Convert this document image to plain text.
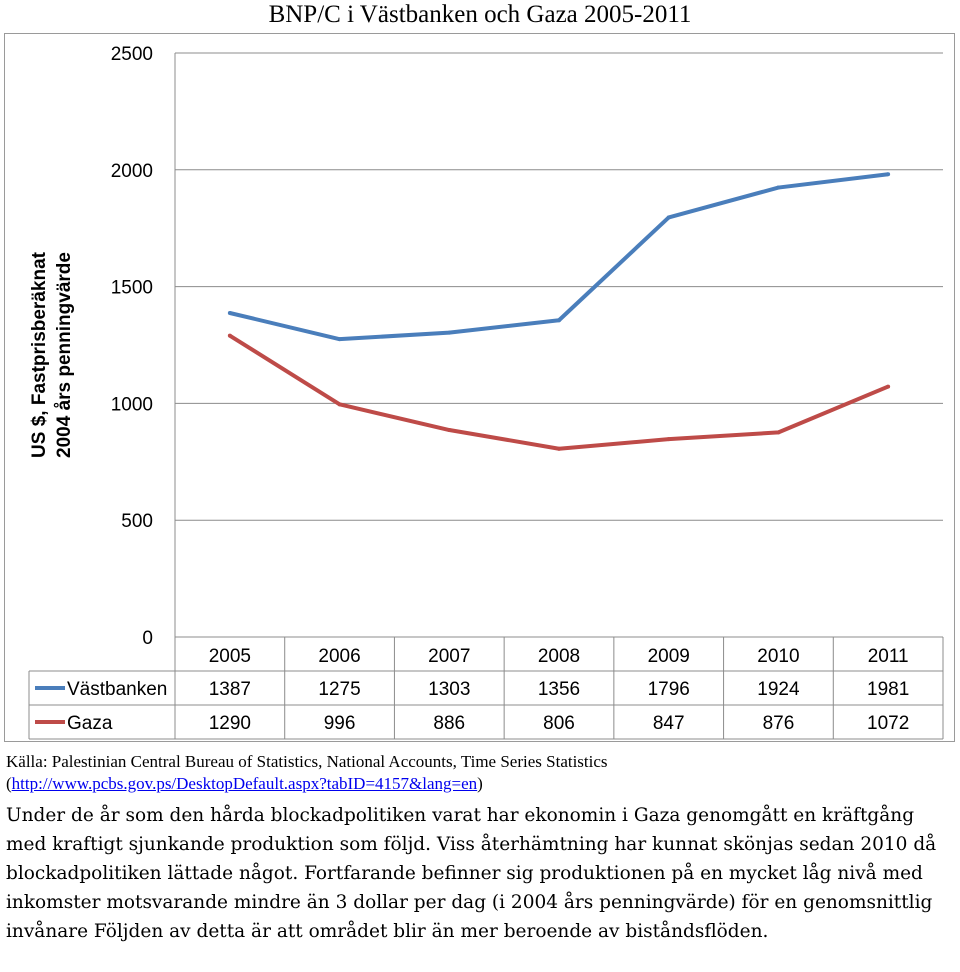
BNP/C i Västbanken och Gaza 2005-2011
0
500
1000
1500
2000
2500
US $, Fastprisberäknat 2004 års penningvärde
2005	2006	2007	2008	2009	2010	2011
Västbanken 1387	1275	1303	1356	1796	1924	1981
Gaza	1290	996	886	806	847	876	1072
Källa: Palestinian Central Bureau of Statistics, National Accounts, Time Series Statistics
(http://www.pcbs.gov.ps/DesktopDefault.aspx?tabID=4157&lang=en)
Under de år som den hårda blockadpolitiken varat har ekonomin i Gaza genomgått en kräftgång med kraftigt sjunkande produktion som följd. Viss återhämtning har kunnat skönjas sedan 2010 då blockadpolitiken lättade något. Fortfarande befinner sig produktionen på en mycket låg nivå med inkomster motsvarande mindre än 3 dollar per dag (i 2004 års penningvärde) för en genomsnittlig invånare Följden av detta är att området blir än mer beroende av biståndsflöden.
